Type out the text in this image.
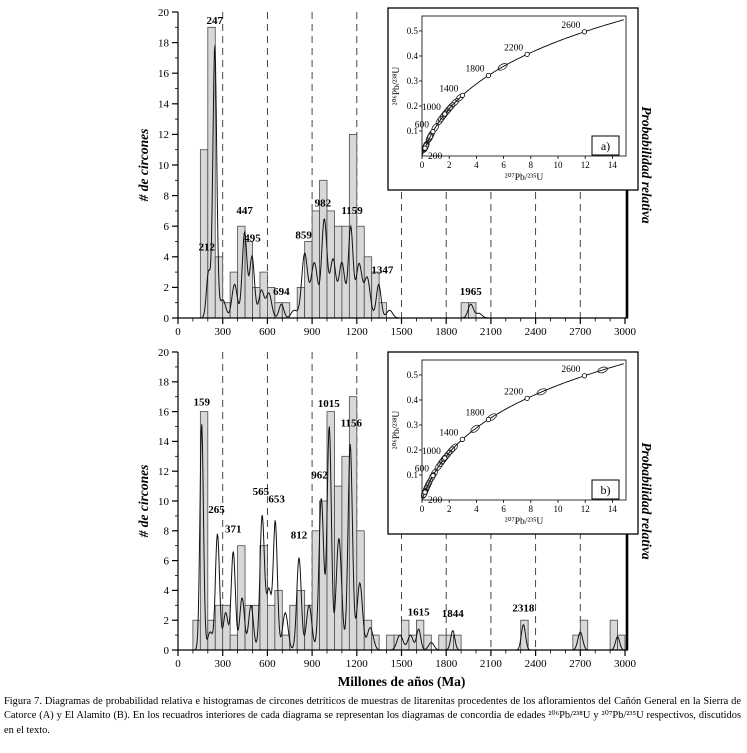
0
2
4
6
8
10
12
14
16
18
20
0	300	600	900 1200 1500 1800 2100 2400 2700 3000
# de circones	Probabilidad relativa
212
247
447
495
694
859
982
1159
1347
1965
0	2	4	6	8 10 12 14
0.1
0.2
0.3
0.4
0.5
200
600
1000
1400
1800
2200
2600
²⁰⁷Pb/²³⁵U
²⁰⁶Pb/²³⁸U
a)
0
2
4
6
8
10
12
14
16
18
20
0	300	600	900 1200 1500 1800 2100 2400 2700 3000
# de circones	Probabilidad relativa
Millones de años (Ma)
159
265
371
565
653
812
962
1015
1156
1615 1844	2318
0	2	4	6	8 10 12 14
0.1
0.2
0.3
0.4
0.5
200
600
1000
1400
1800
2200
2600
²⁰⁷Pb/²³⁵U
²⁰⁶Pb/²³⁸U
b)

Figura 7. Diagramas de probabilidad relativa e histogramas de circones detríticos de muestras de litarenitas procedentes de los afloramientos del Cañón General en la Sierra de Catorce (A) y El Alamito (B). En los recuadros interiores de cada diagrama se representan los diagramas de concordia de edades ²⁰⁶Pb/²³⁸U y ²⁰⁷Pb/²³⁵U respectivos, discutidos en el texto.
